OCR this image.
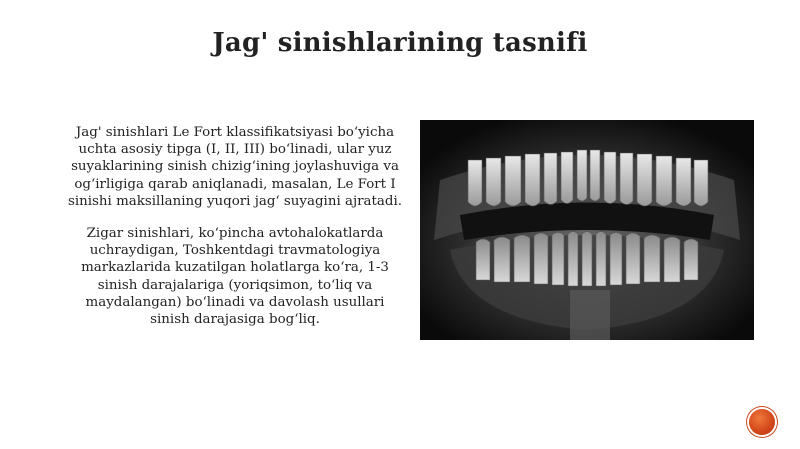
Jag' sinishlarining tasnifi

Jag' sinishlari Le Fort klassifikatsiyasi bo‘yicha
uchta asosiy tipga (I, II, III) bo‘linadi, ular yuz
suyaklarining sinish chizig‘ining joylashuviga va
og‘irligiga qarab aniqlanadi, masalan, Le Fort I
sinishi maksillaning yuqori jag‘ suyagini ajratadi.

Zigar sinishlari, ko‘pincha avtohalokatlarda
uchraydigan, Toshkentdagi travmatologiya
markazlarida kuzatilgan holatlarga ko‘ra, 1-3
sinish darajalariga (yoriqsimon, to‘liq va
maydalangan) bo‘linadi va davolash usullari
sinish darajasiga bog‘liq.
